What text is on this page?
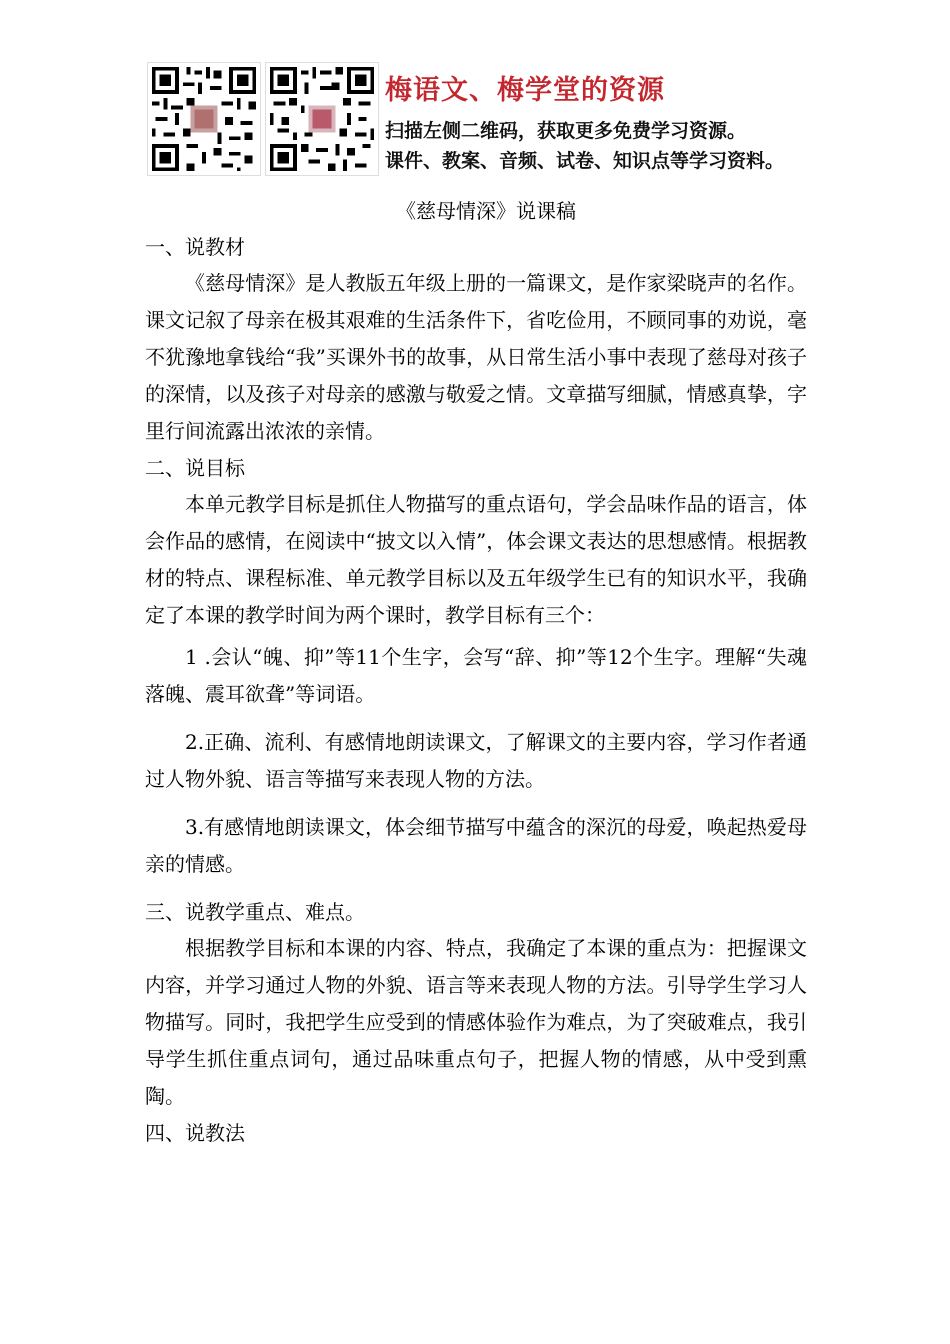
梅语文、梅学堂的资源
扫描左侧二维码，获取更多免费学习资源。
课件、教案、音频、试卷、知识点等学习资料。
《慈母情深》说课稿
一、说教材
《慈母情深》是人教版五年级上册的一篇课文，是作家梁晓声的名作。课文记叙了母亲在极其艰难的生活条件下，省吃俭用，不顾同事的劝说，毫不犹豫地拿钱给“我”买课外书的故事，从日常生活小事中表现了慈母对孩子的深情，以及孩子对母亲的感激与敬爱之情。文章描写细腻，情感真挚，字里行间流露出浓浓的亲情。
二、说目标
本单元教学目标是抓住人物描写的重点语句，学会品味作品的语言，体会作品的感情，在阅读中“披文以入情”，体会课文表达的思想感情。根据教材的特点、课程标准、单元教学目标以及五年级学生已有的知识水平，我确定了本课的教学时间为两个课时，教学目标有三个：
1 .会认“魄、抑”等11个生字，会写“辞、抑”等12个生字。理解“失魂落魄、震耳欲聋”等词语。
2.正确、流利、有感情地朗读课文，了解课文的主要内容，学习作者通过人物外貌、语言等描写来表现人物的方法。
3.有感情地朗读课文，体会细节描写中蕴含的深沉的母爱，唤起热爱母亲的情感。
三、说教学重点、难点。
根据教学目标和本课的内容、特点，我确定了本课的重点为：把握课文内容，并学习通过人物的外貌、语言等来表现人物的方法。引导学生学习人物描写。同时，我把学生应受到的情感体验作为难点，为了突破难点，我引导学生抓住重点词句，通过品味重点句子，把握人物的情感，从中受到熏陶。
四、说教法
